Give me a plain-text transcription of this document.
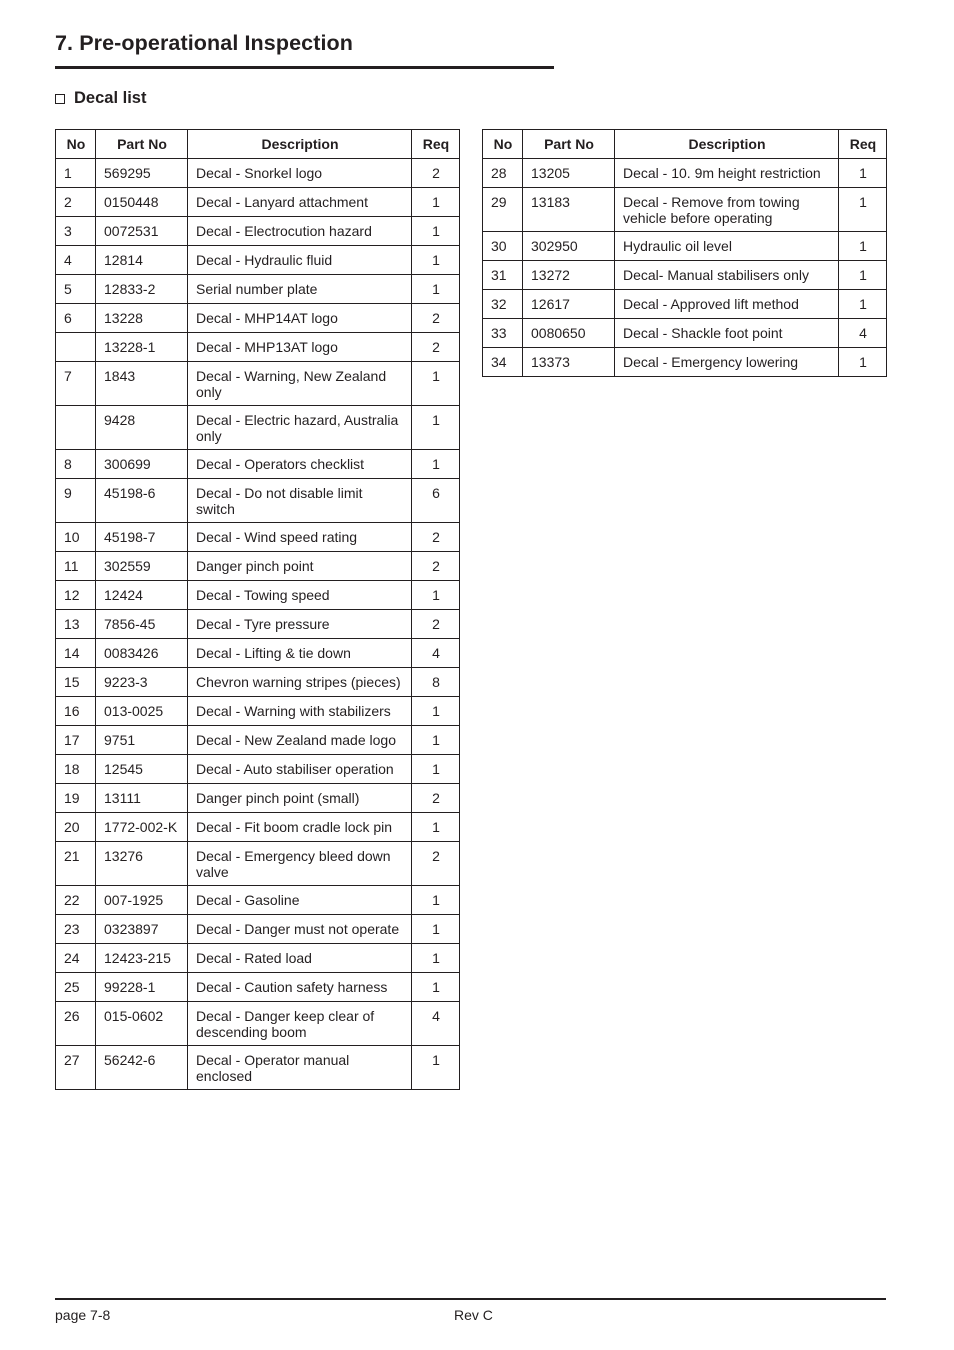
7. Pre-operational Inspection
Decal list
No	Part No	Description	Req
1	569295	Decal - Snorkel logo	2
2	0150448	Decal - Lanyard attachment	1
3	0072531	Decal - Electrocution hazard	1
4	12814	Decal - Hydraulic fluid	1
5	12833-2	Serial number plate	1
6	13228	Decal - MHP14AT logo	2
	13228-1	Decal - MHP13AT logo	2
7	1843	Decal - Warning, New Zealand only	1
	9428	Decal - Electric hazard, Australia only	1
8	300699	Decal - Operators checklist	1
9	45198-6	Decal - Do not disable limit switch	6
10	45198-7	Decal - Wind speed rating	2
11	302559	Danger pinch point	2
12	12424	Decal - Towing speed	1
13	7856-45	Decal - Tyre pressure	2
14	0083426	Decal - Lifting & tie down	4
15	9223-3	Chevron warning stripes (pieces)	8
16	013-0025	Decal - Warning with stabilizers	1
17	9751	Decal - New Zealand made logo	1
18	12545	Decal - Auto stabiliser operation	1
19	13111	Danger pinch point (small)	2
20	1772-002-K	Decal - Fit boom cradle lock pin	1
21	13276	Decal - Emergency bleed down valve	2
22	007-1925	Decal - Gasoline	1
23	0323897	Decal - Danger must not operate	1
24	12423-215	Decal - Rated load	1
25	99228-1	Decal - Caution safety harness	1
26	015-0602	Decal - Danger keep clear of descending boom	4
27	56242-6	Decal - Operator manual enclosed	1
No	Part No	Description	Req
28	13205	Decal - 10. 9m height restriction	1
29	13183	Decal - Remove from towing vehicle before operating	1
30	302950	Hydraulic oil level	1
31	13272	Decal- Manual stabilisers only	1
32	12617	Decal - Approved lift method	1
33	0080650	Decal - Shackle foot point	4
34	13373	Decal - Emergency lowering	1
page 7-8	Rev C
